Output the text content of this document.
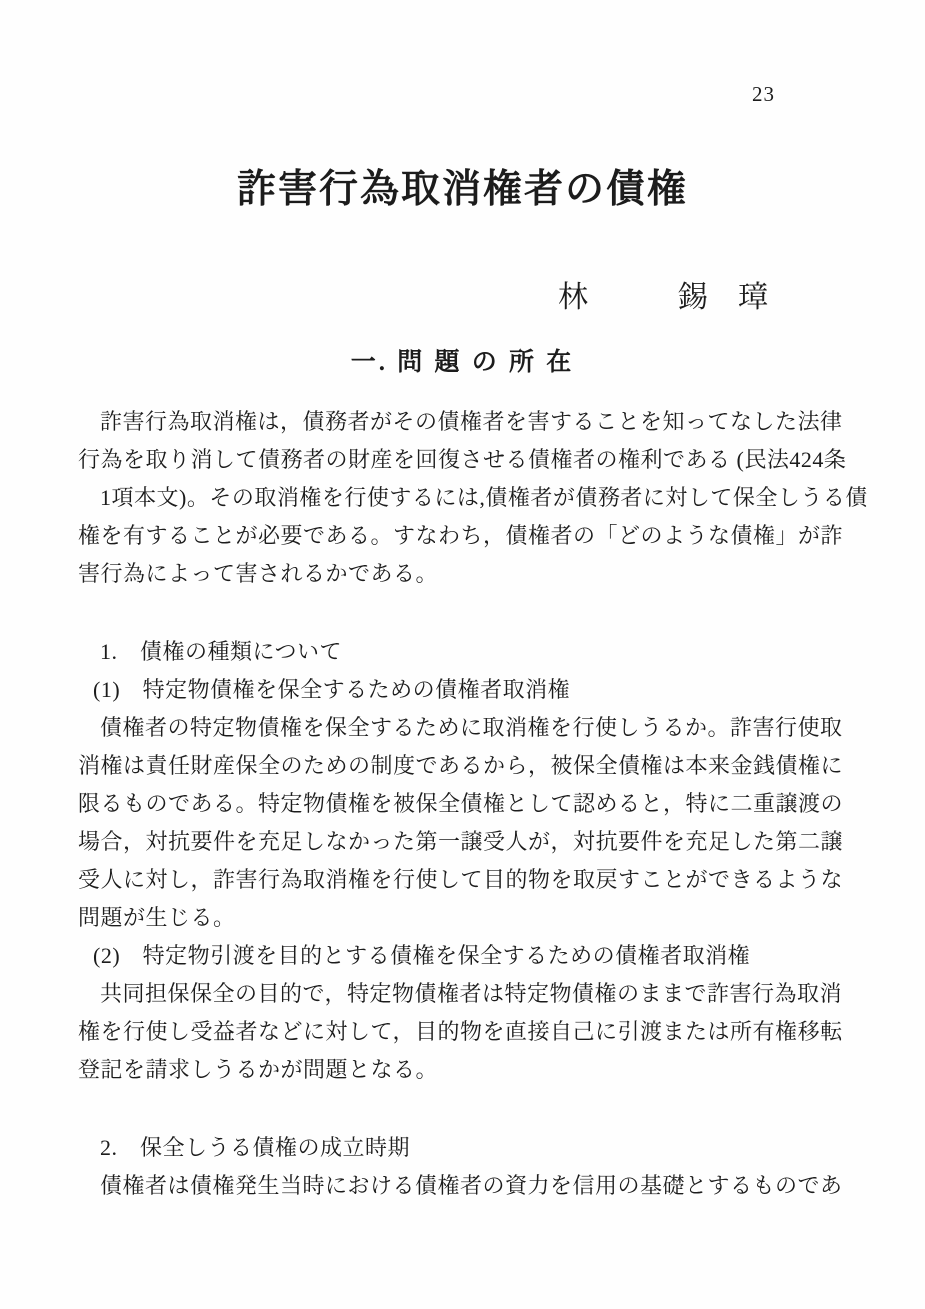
23
詐害行為取消権者の債権
林　　　錫　璋
一. 問 題 の 所 在
詐害行為取消権は，債務者がその債権者を害することを知ってなした法律
行為を取り消して債務者の財産を回復させる債権者の権利である (民法424条
1項本文)。その取消権を行使するには,債権者が債務者に対して保全しうる債
権を有することが必要である。すなわち，債権者の「どのような債権」が詐
害行為によって害されるかである。
1.　債権の種類について
(1)　特定物債権を保全するための債権者取消権
債権者の特定物債権を保全するために取消権を行使しうるか。詐害行使取
消権は責任財産保全のための制度であるから，被保全債権は本来金銭債権に
限るものである。特定物債権を被保全債権として認めると，特に二重譲渡の
場合，対抗要件を充足しなかった第一譲受人が，対抗要件を充足した第二譲
受人に対し，詐害行為取消権を行使して目的物を取戻すことができるような
問題が生じる。
(2)　特定物引渡を目的とする債権を保全するための債権者取消権
共同担保保全の目的で，特定物債権者は特定物債権のままで詐害行為取消
権を行使し受益者などに対して，目的物を直接自己に引渡または所有権移転
登記を請求しうるかが問題となる。
2.　保全しうる債権の成立時期
債権者は債権発生当時における債権者の資力を信用の基礎とするものであ
